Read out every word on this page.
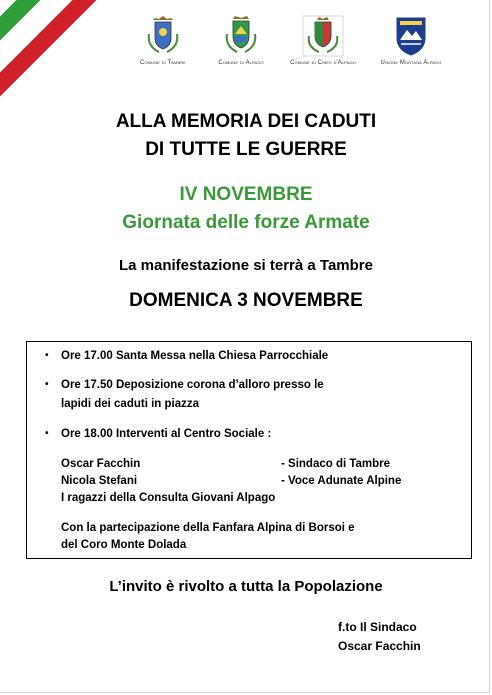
Comune di Tambre	Comune di Alpago	Comune di Chies d'Alpago	Unione Montana Alpago
ALLA MEMORIA DEI CADUTI
DI TUTTE LE GUERRE
IV NOVEMBRE
Giornata delle forze Armate
La manifestazione si terrà a Tambre
DOMENICA 3 NOVEMBRE
• Ore 17.00 Santa Messa nella Chiesa Parrocchiale
• Ore 17.50 Deposizione corona d’alloro presso le
lapidi dei caduti in piazza
• Ore 18.00 Interventi al Centro Sociale :
Oscar Facchin	- Sindaco di Tambre
Nicola Stefani	- Voce Adunate Alpine
I ragazzi della Consulta Giovani Alpago
Con la partecipazione della Fanfara Alpina di Borsoi e
del Coro Monte Dolada
L’invito è rivolto a tutta la Popolazione
f.to Il Sindaco
Oscar Facchin
